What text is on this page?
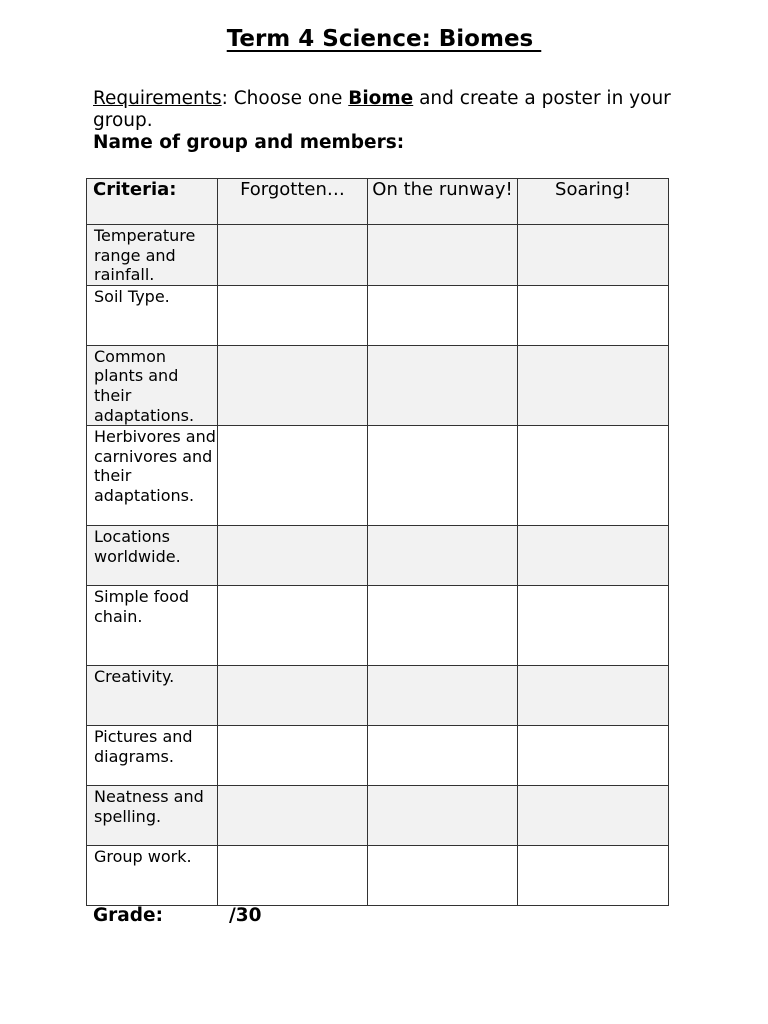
Term 4 Science: Biomes
Requirements: Choose one Biome and create a poster in your group.
Name of group and members:
Criteria:	Forgotten…	On the runway!	Soaring!
Temperature range and rainfall.			
Soil Type.			
Common plants and their adaptations.			
Herbivores and carnivores and their adaptations.			
Locations worldwide.			
Simple food chain.			
Creativity.			
Pictures and diagrams.			
Neatness and spelling.			
Group work.			
Grade:	/30
